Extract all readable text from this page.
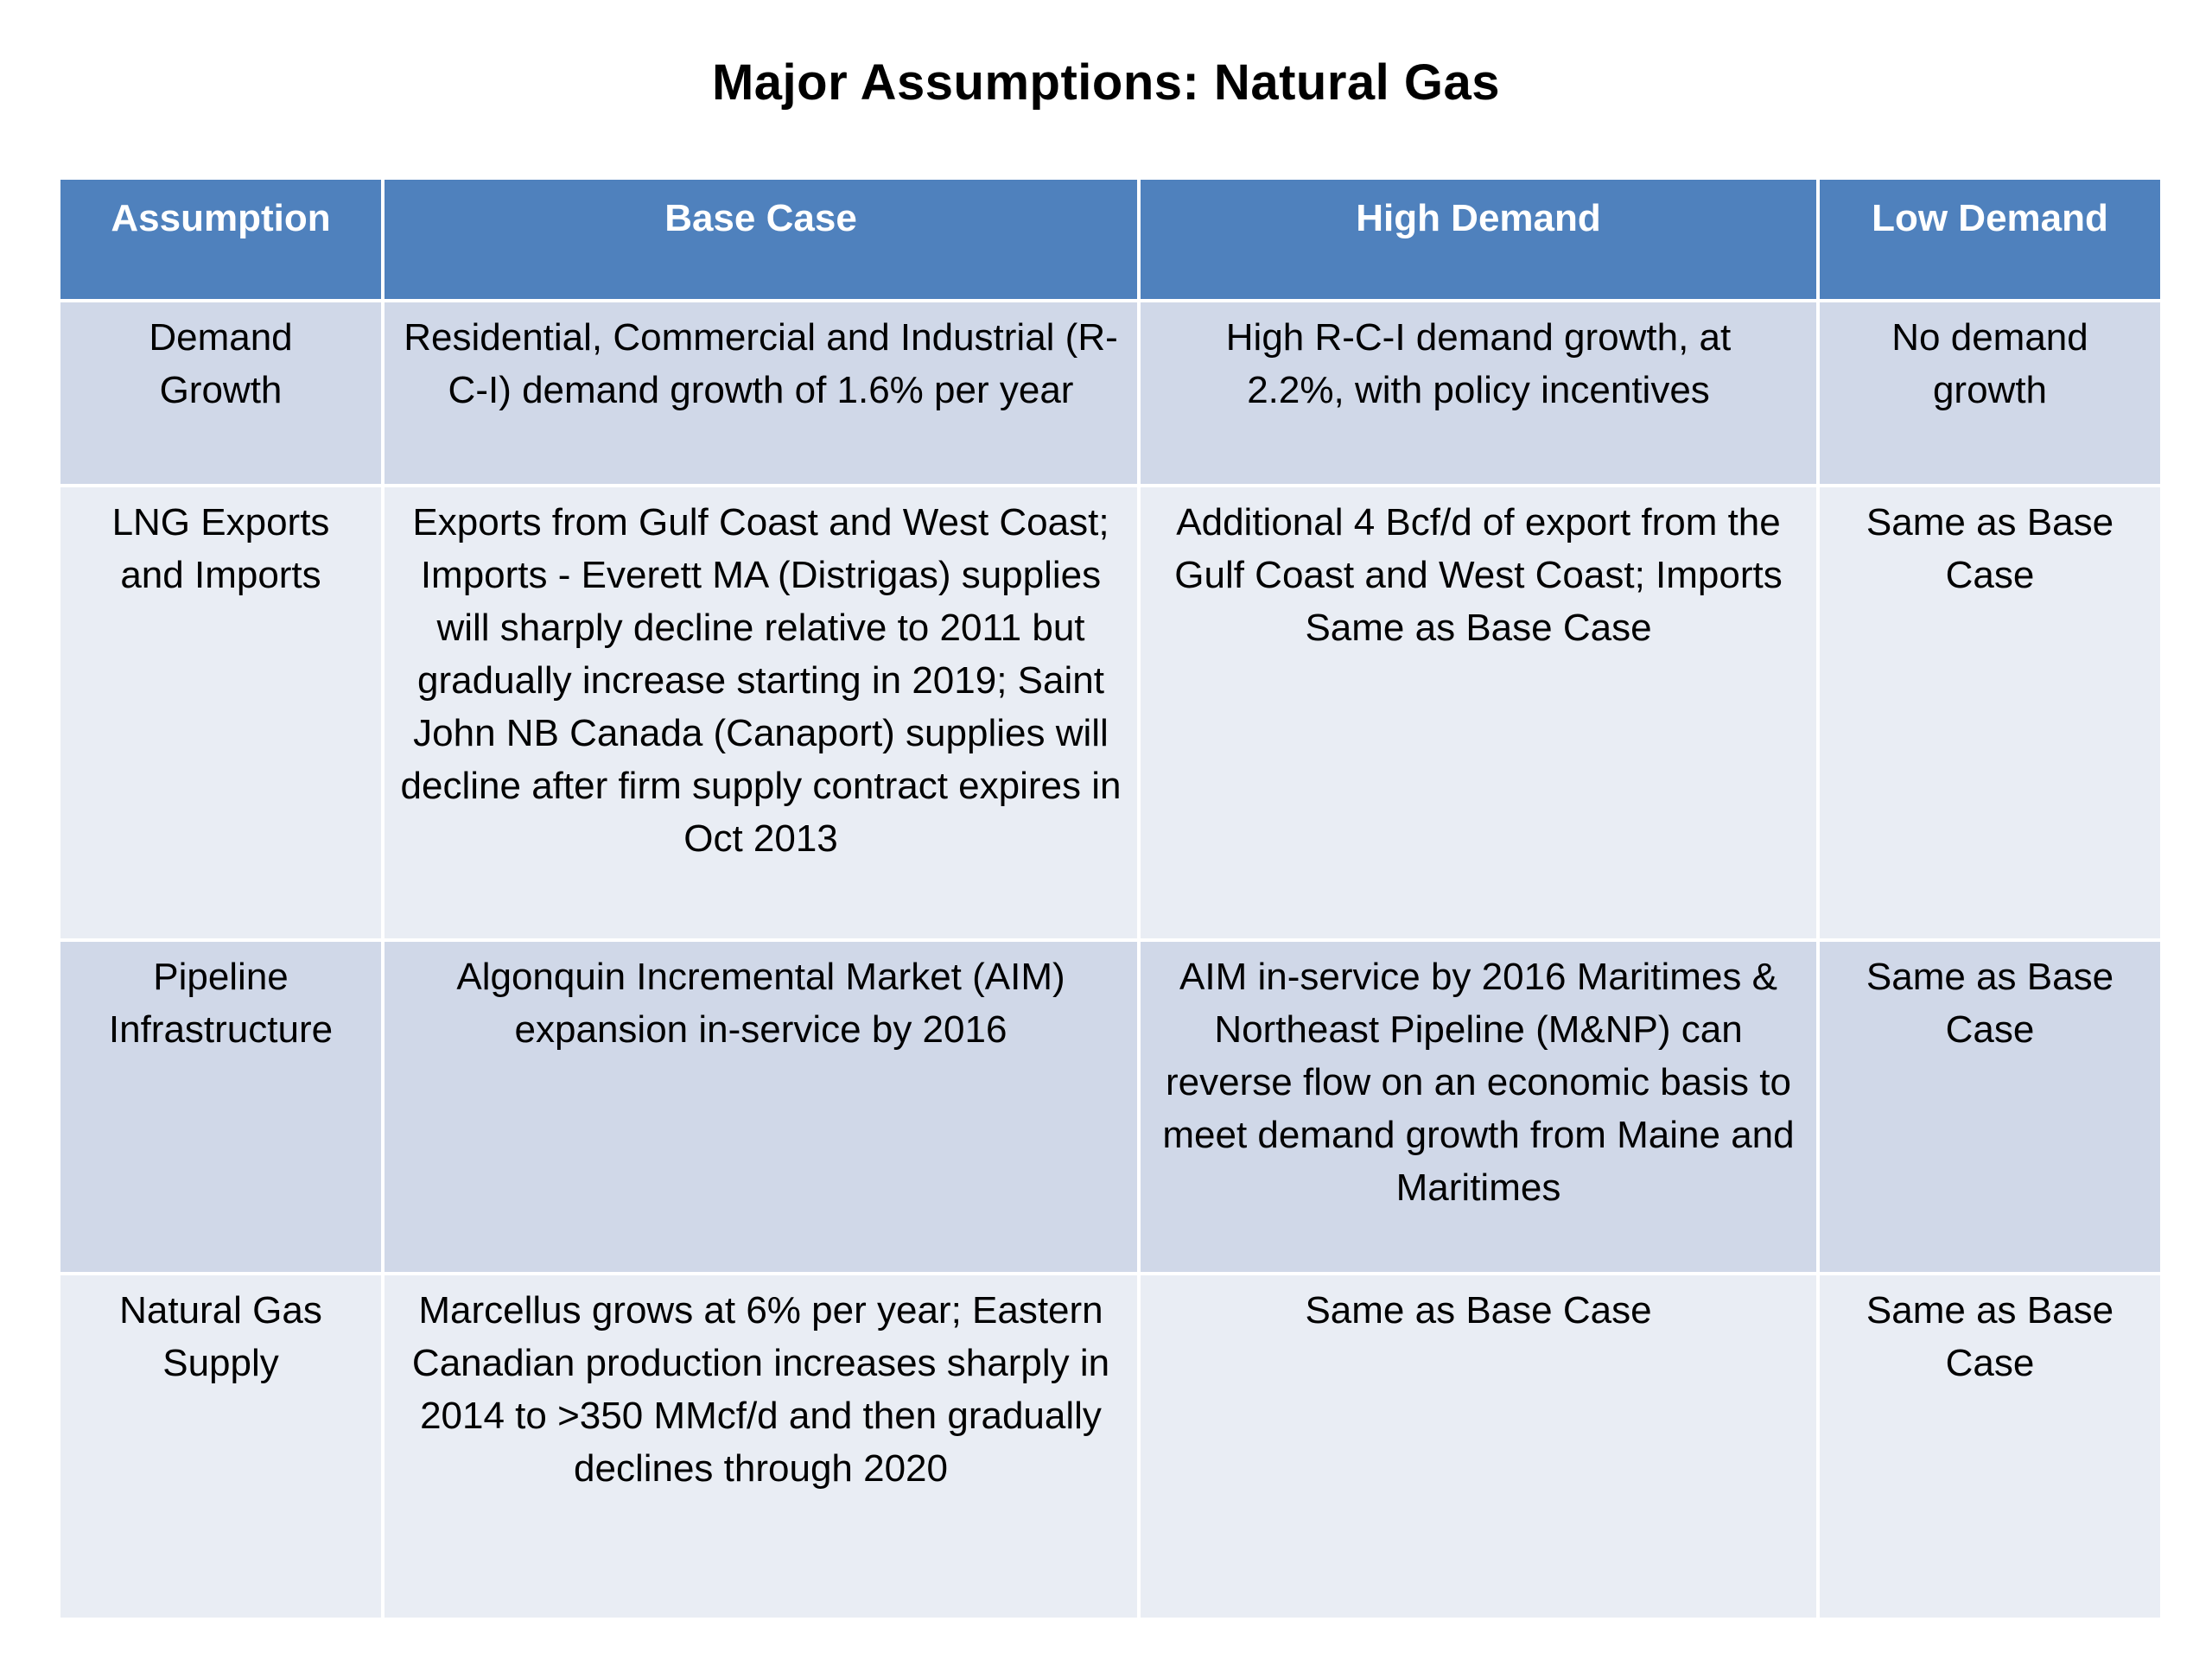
Major Assumptions: Natural Gas
Assumption	Base Case	High Demand	Low Demand
Demand Growth	Residential, Commercial and Industrial (R-C-I) demand growth of 1.6% per year	High R-C-I demand growth, at 2.2%, with policy incentives	No demand growth
LNG Exports and Imports	Exports from Gulf Coast and West Coast; Imports - Everett MA (Distrigas) supplies will sharply decline relative to 2011 but gradually increase starting in 2019; Saint John NB Canada (Canaport) supplies will decline after firm supply contract expires in Oct 2013	Additional 4 Bcf/d of export from the Gulf Coast and West Coast; Imports Same as Base Case	Same as Base Case
Pipeline Infrastructure	Algonquin Incremental Market (AIM) expansion in-service by 2016	AIM in-service by 2016 Maritimes & Northeast Pipeline (M&NP) can reverse flow on an economic basis to meet demand growth from Maine and Maritimes	Same as Base Case
Natural Gas Supply	Marcellus grows at 6% per year; Eastern Canadian production increases sharply in 2014 to >350 MMcf/d and then gradually declines through 2020	Same as Base Case	Same as Base Case
